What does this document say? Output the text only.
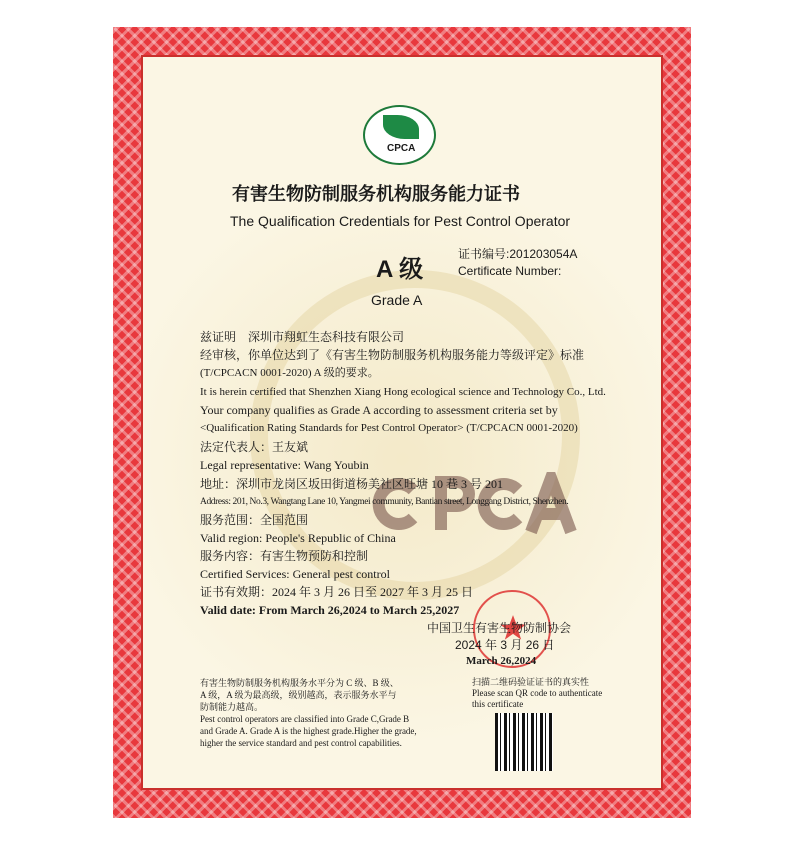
CPCA
有害生物防制服务机构服务能力证书
The Qualification Credentials for Pest Control Operator
证书编号:201203054A
Certificate Number:
A 级
Grade A
兹证明　深圳市翔虹生态科技有限公司
经审核，你单位达到了《有害生物防制服务机构服务能力等级评定》标准
(T/CPCACN 0001-2020) A 级的要求。
It is herein certified that Shenzhen Xiang Hong ecological science and Technology Co., Ltd.
Your company qualifies as Grade A according to assessment criteria set by
<Qualification Rating Standards for Pest Control Operator> (T/CPCACN 0001-2020)
法定代表人：王友斌
Legal representative: Wang Youbin
地址：深圳市龙岗区坂田街道杨美社区旺塘 10 巷 3 号 201
Address: 201, No.3, Wangtang Lane 10, Yangmei community, Bantian street, Longgang District, Shenzhen.
服务范围：全国范围
Valid region: People's Republic of China
服务内容：有害生物预防和控制
Certified Services: General pest control
证书有效期：2024 年 3 月 26 日至 2027 年 3 月 25 日
Valid date: From March 26,2024 to March 25,2027
中国卫生有害生物防制协会
2024 年 3 月 26 日
March 26,2024
有害生物防制服务机构服务水平分为 C 级、B 级、
A 级，A 级为最高级，级别越高，表示服务水平与
防制能力越高。
Pest control operators are classified into Grade C,Grade B
and Grade A. Grade A is the highest grade.Higher the grade,
higher the service standard and pest control capabilities.
扫描二维码验证证书的真实性
Please scan QR code to authenticate
this certificate
